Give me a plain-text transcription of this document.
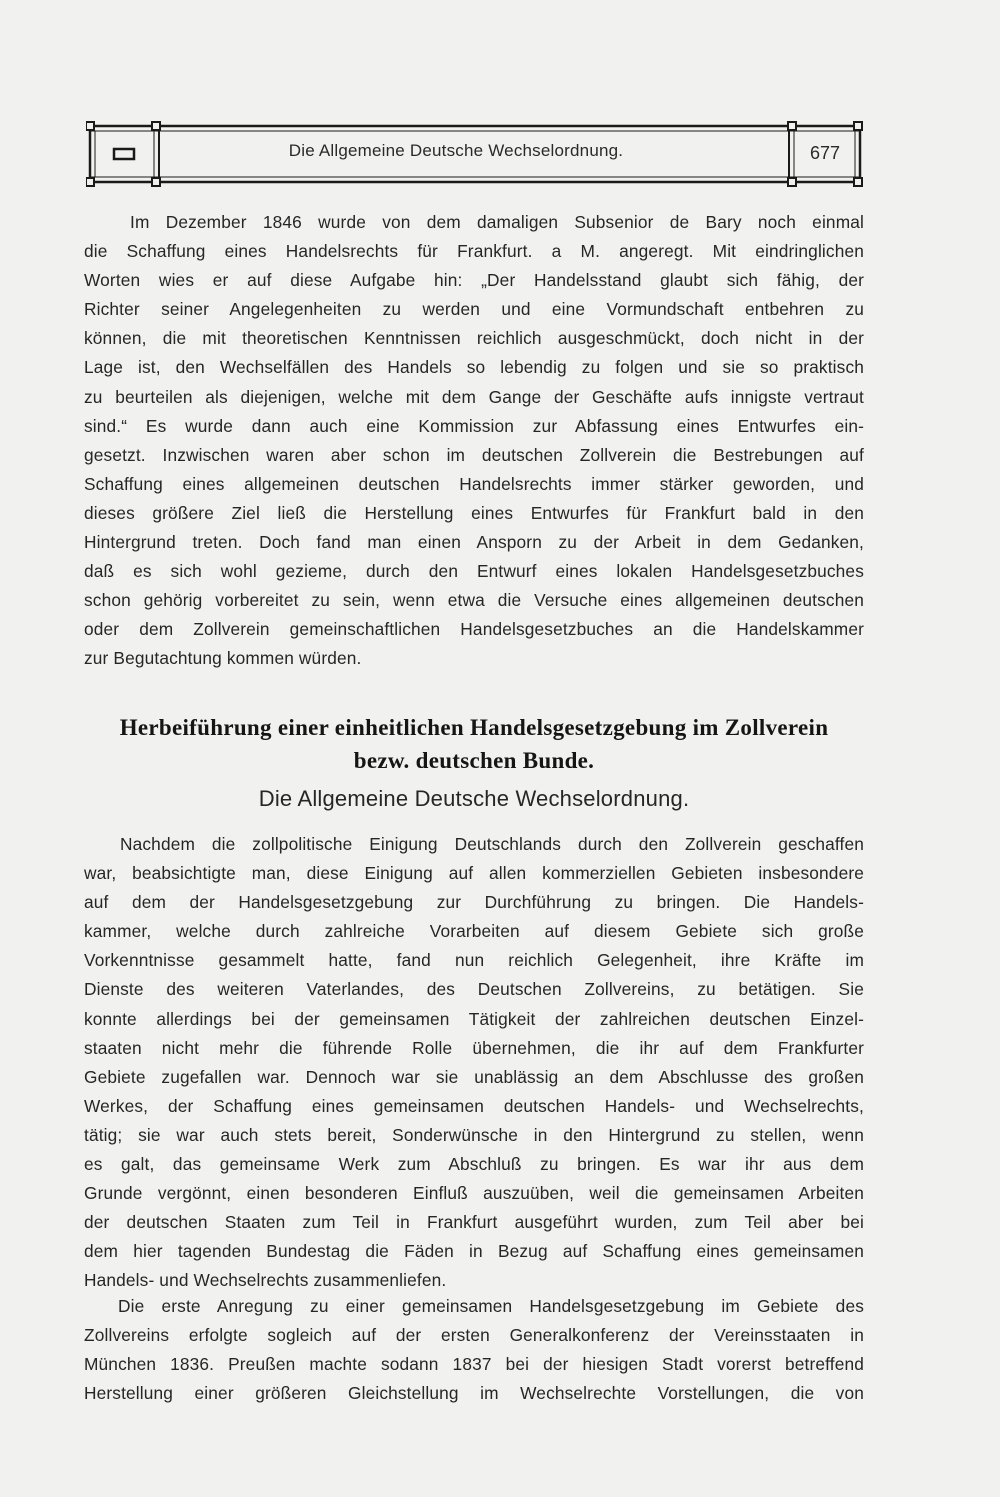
Die Allgemeine Deutsche Wechselordnung.	677
Im Dezember 1846 wurde von dem damaligen Subsenior de Bary noch einmal
die Schaffung eines Handelsrechts für Frankfurt. a M. angeregt. Mit eindringlichen
Worten wies er auf diese Aufgabe hin: „Der Handelsstand glaubt sich fähig, der
Richter seiner Angelegenheiten zu werden und eine Vormundschaft entbehren zu
können, die mit theoretischen Kenntnissen reichlich ausgeschmückt, doch nicht in der
Lage ist, den Wechselfällen des Handels so lebendig zu folgen und sie so praktisch
zu beurteilen als diejenigen, welche mit dem Gange der Geschäfte aufs innigste vertraut
sind.“ Es wurde dann auch eine Kommission zur Abfassung eines Entwurfes ein-
gesetzt. Inzwischen waren aber schon im deutschen Zollverein die Bestrebungen auf
Schaffung eines allgemeinen deutschen Handelsrechts immer stärker geworden, und
dieses größere Ziel ließ die Herstellung eines Entwurfes für Frankfurt bald in den
Hintergrund treten. Doch fand man einen Ansporn zu der Arbeit in dem Gedanken,
daß es sich wohl gezieme, durch den Entwurf eines lokalen Handelsgesetzbuches
schon gehörig vorbereitet zu sein, wenn etwa die Versuche eines allgemeinen deutschen
oder dem Zollverein gemeinschaftlichen Handelsgesetzbuches an die Handelskammer
zur Begutachtung kommen würden.
Herbeiführung einer einheitlichen Handelsgesetzgebung im Zollverein
bezw. deutschen Bunde.
Die Allgemeine Deutsche Wechselordnung.
Nachdem die zollpolitische Einigung Deutschlands durch den Zollverein geschaffen
war, beabsichtigte man, diese Einigung auf allen kommerziellen Gebieten insbesondere
auf dem der Handelsgesetzgebung zur Durchführung zu bringen. Die Handels-
kammer, welche durch zahlreiche Vorarbeiten auf diesem Gebiete sich große
Vorkenntnisse gesammelt hatte, fand nun reichlich Gelegenheit, ihre Kräfte im
Dienste des weiteren Vaterlandes, des Deutschen Zollvereins, zu betätigen. Sie
konnte allerdings bei der gemeinsamen Tätigkeit der zahlreichen deutschen Einzel-
staaten nicht mehr die führende Rolle übernehmen, die ihr auf dem Frankfurter
Gebiete zugefallen war. Dennoch war sie unablässig an dem Abschlusse des großen
Werkes, der Schaffung eines gemeinsamen deutschen Handels- und Wechselrechts,
tätig; sie war auch stets bereit, Sonderwünsche in den Hintergrund zu stellen, wenn
es galt, das gemeinsame Werk zum Abschluß zu bringen. Es war ihr aus dem
Grunde vergönnt, einen besonderen Einfluß auszuüben, weil die gemeinsamen Arbeiten
der deutschen Staaten zum Teil in Frankfurt ausgeführt wurden, zum Teil aber bei
dem hier tagenden Bundestag die Fäden in Bezug auf Schaffung eines gemeinsamen
Handels- und Wechselrechts zusammenliefen.
Die erste Anregung zu einer gemeinsamen Handelsgesetzgebung im Gebiete des
Zollvereins erfolgte sogleich auf der ersten Generalkonferenz der Vereinsstaaten in
München 1836. Preußen machte sodann 1837 bei der hiesigen Stadt vorerst betreffend
Herstellung einer größeren Gleichstellung im Wechselrechte Vorstellungen, die von
